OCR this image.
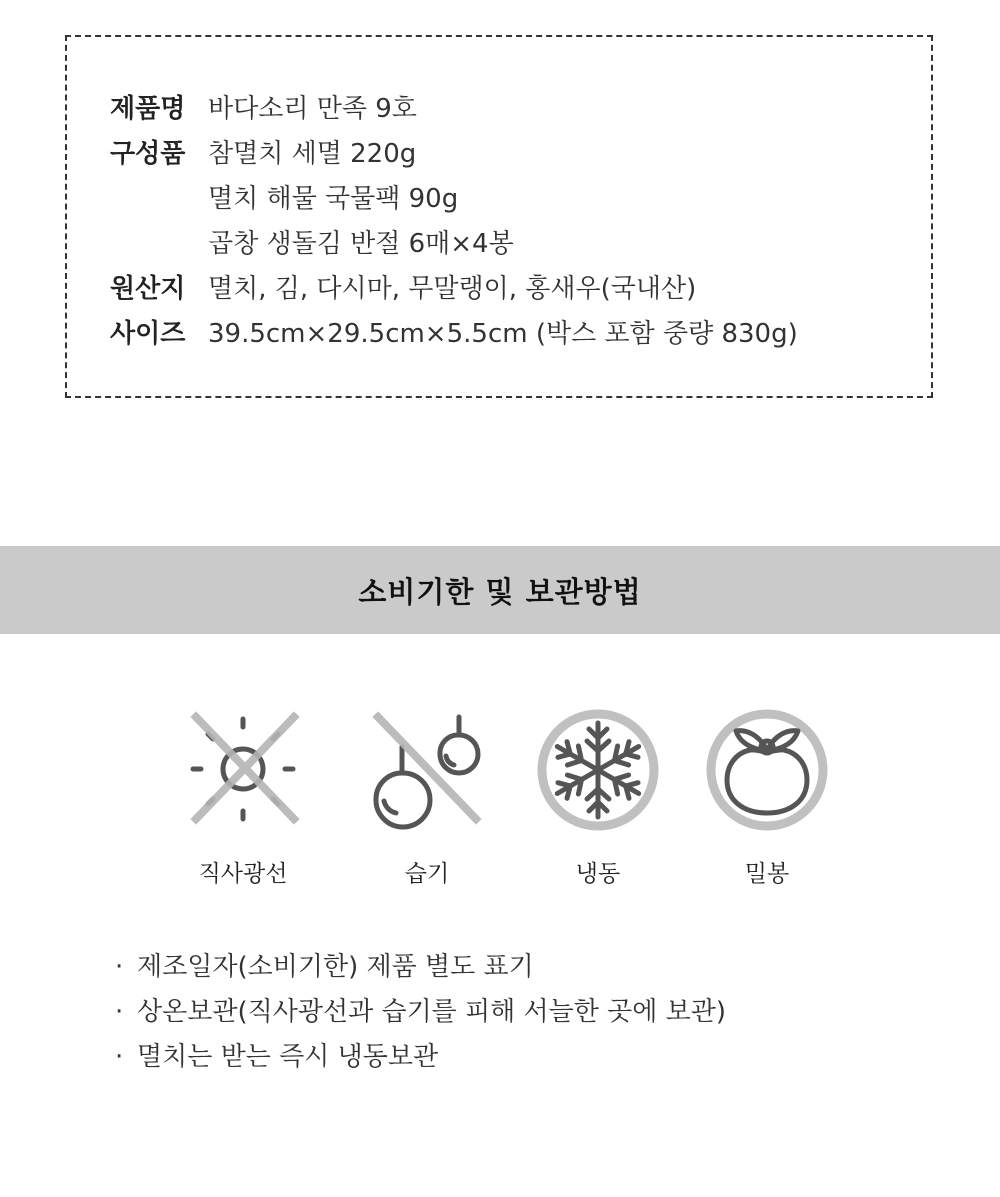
제품명 바다소리 만족 9호
구성품 참멸치 세멸 220g
멸치 해물 국물팩 90g
곱창 생돌김 반절 6매×4봉
원산지 멸치, 김, 다시마, 무말랭이, 홍새우(국내산)
사이즈 39.5cm×29.5cm×5.5cm (박스 포함 중량 830g)
소비기한 및 보관방법
직사광선	습기	냉동	밀봉
· 제조일자(소비기한) 제품 별도 표기
· 상온보관(직사광선과 습기를 피해 서늘한 곳에 보관)
· 멸치는 받는 즉시 냉동보관
